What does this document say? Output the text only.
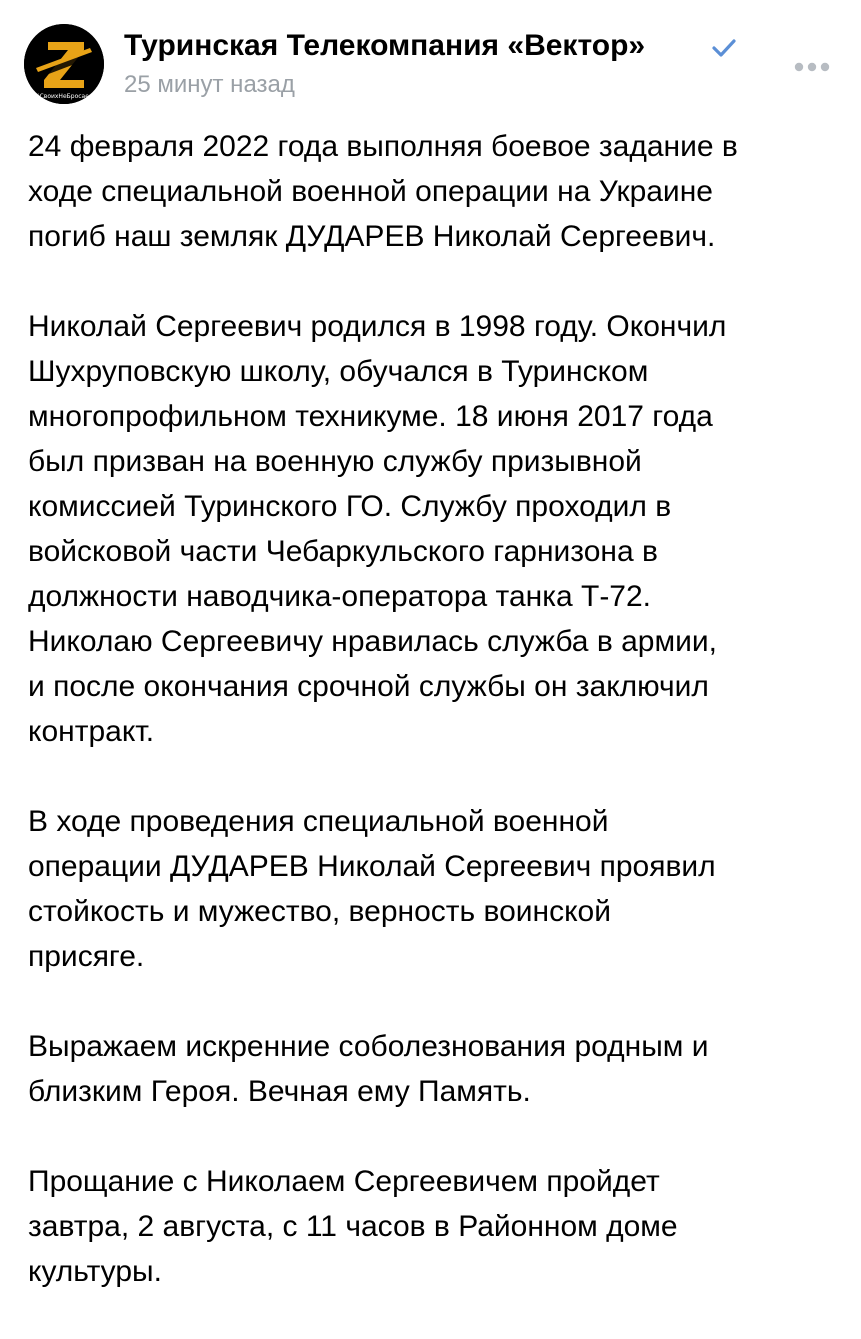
#СвоихНеБросаем
Туринская Телекомпания «Вектор»
25 минут назад

24 февраля 2022 года выполняя боевое задание в
ходе специальной военной операции на Украине
погиб наш земляк ДУДАРЕВ Николай Сергеевич.

Николай Сергеевич родился в 1998 году. Окончил
Шухруповскую школу, обучался в Туринском
многопрофильном техникуме. 18 июня 2017 года
был призван на военную службу призывной
комиссией Туринского ГО. Службу проходил в
войсковой части Чебаркульского гарнизона в
должности наводчика-оператора танка Т-72.
Николаю Сергеевичу нравилась служба в армии,
и после окончания срочной службы он заключил
контракт.

В ходе проведения специальной военной
операции ДУДАРЕВ Николай Сергеевич проявил
стойкость и мужество, верность воинской
присяге.

Выражаем искренние соболезнования родным и
близким Героя. Вечная ему Память.

Прощание с Николаем Сергеевичем пройдет
завтра, 2 августа, с 11 часов в Районном доме
культуры.
